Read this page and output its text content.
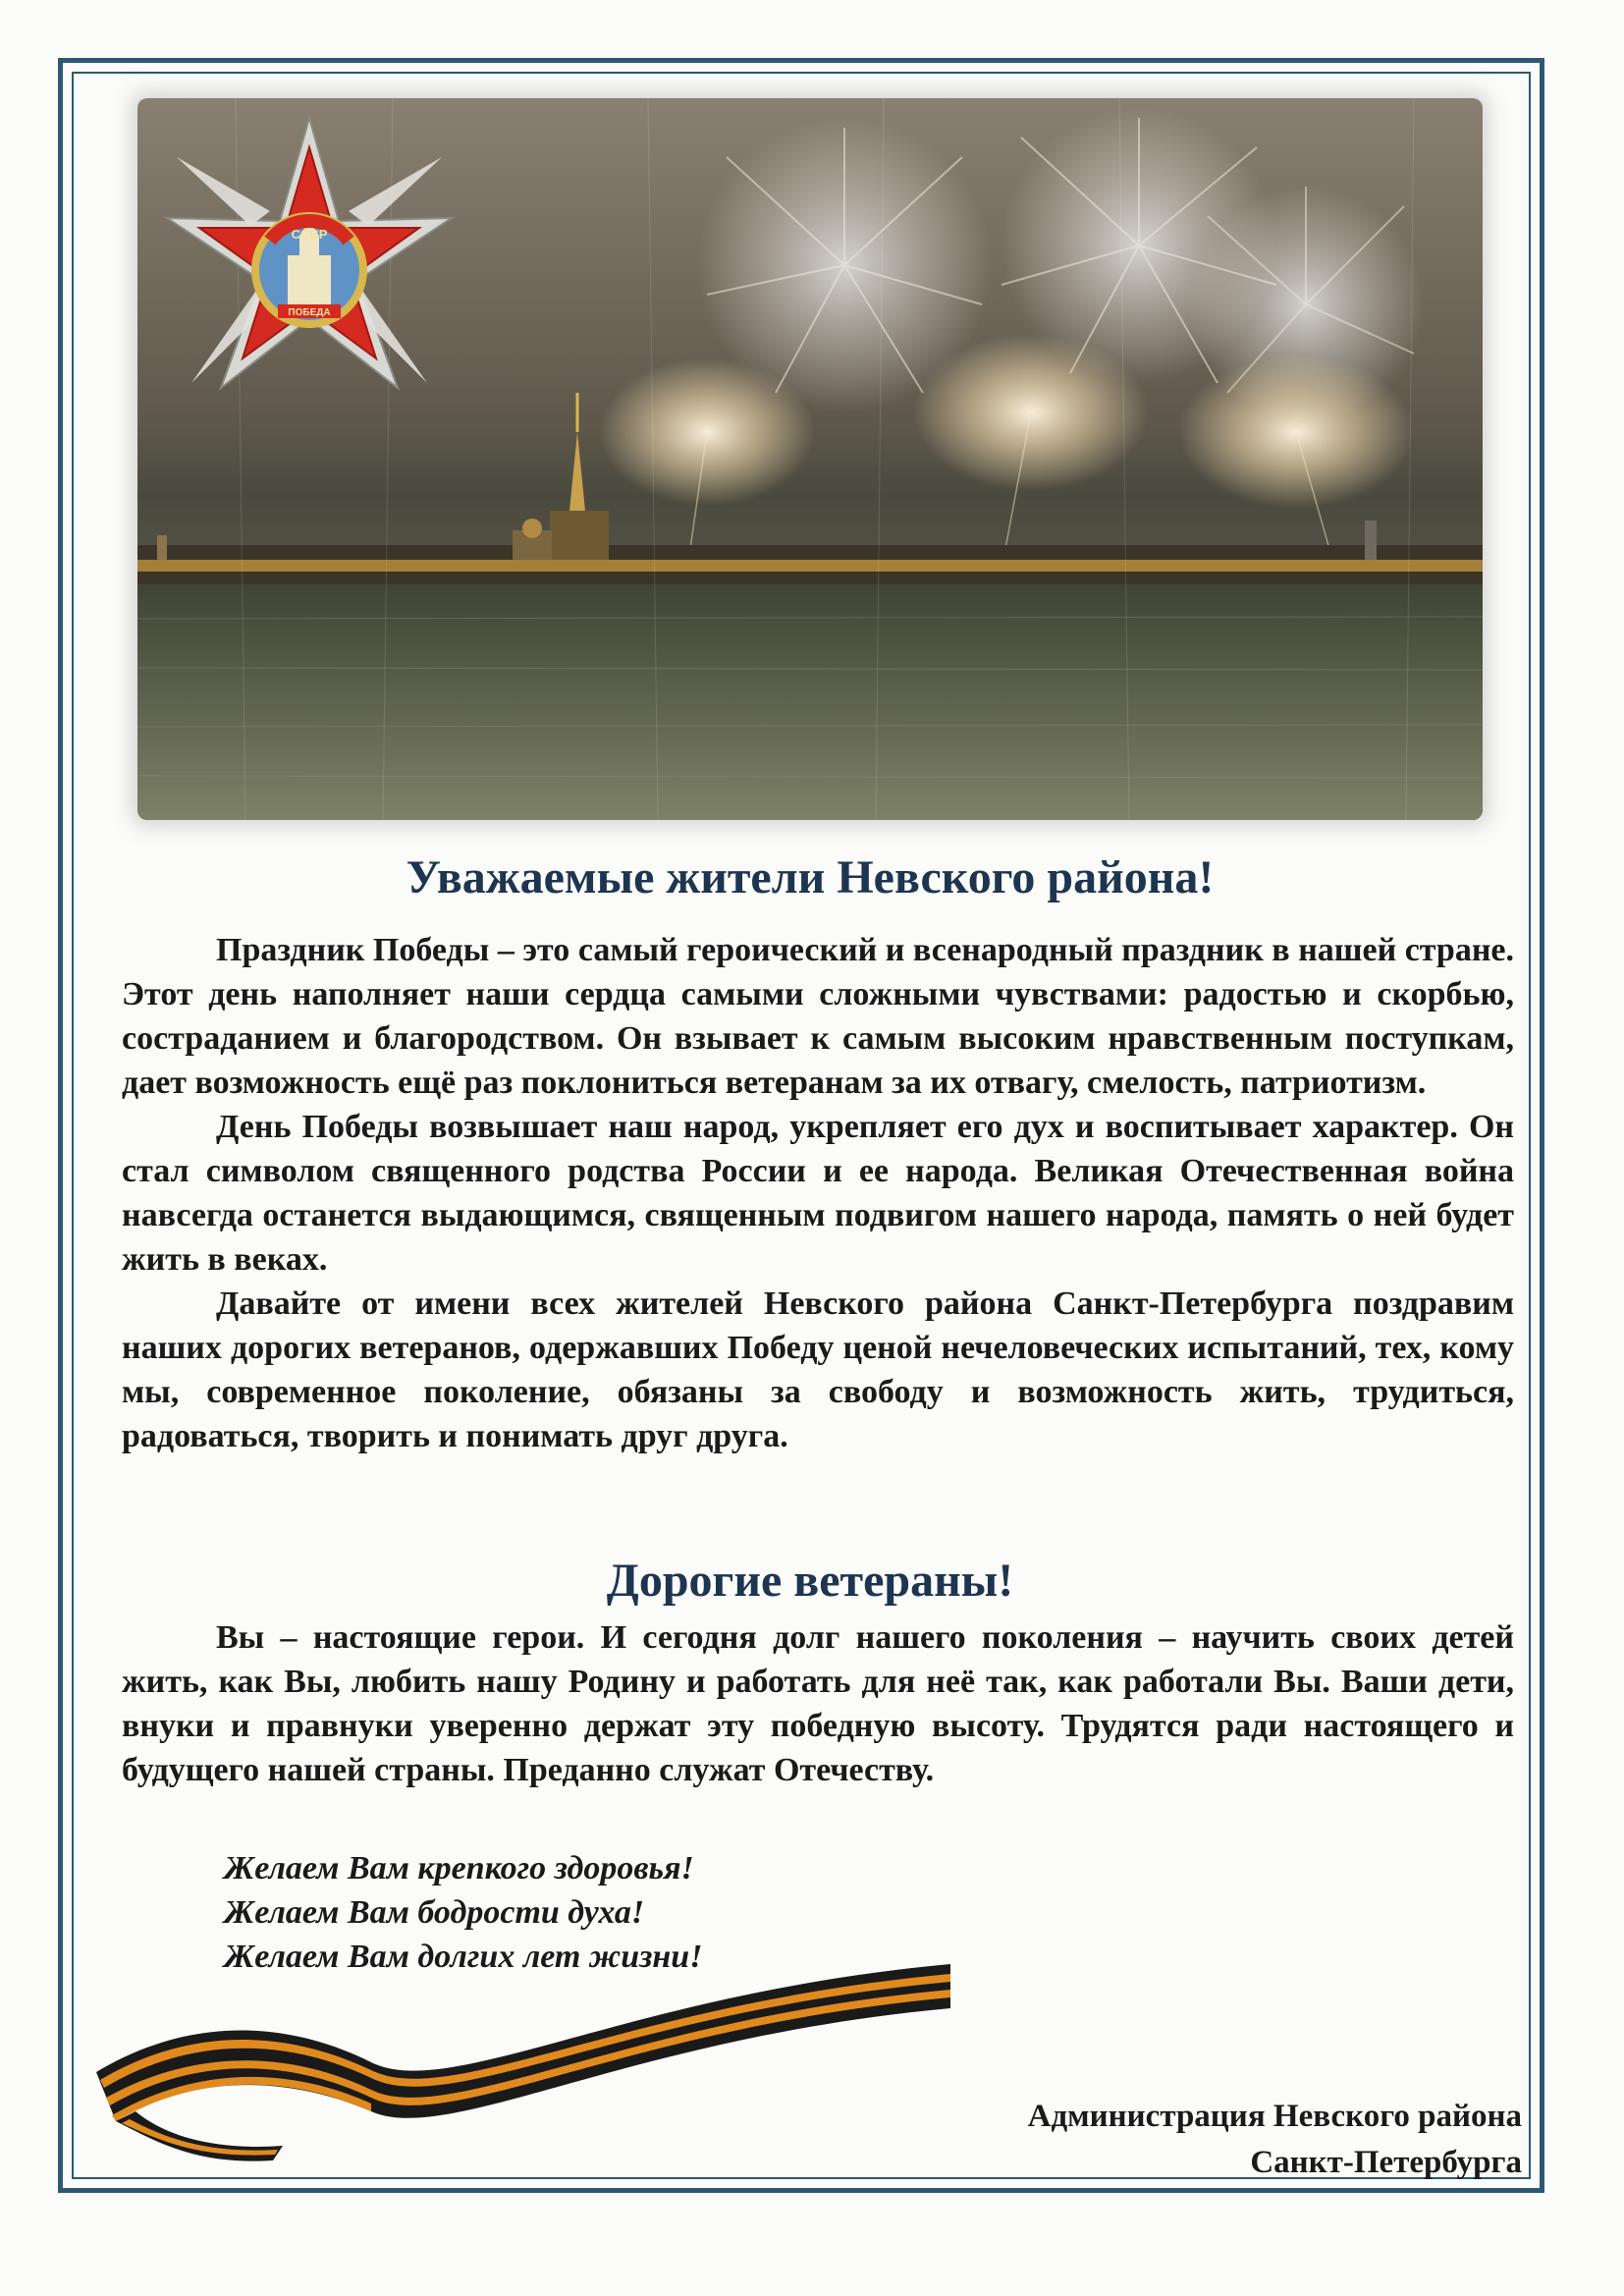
СССР
ПОБЕДА
Уважаемые жители Невского района!

Праздник Победы – это самый героический и всенародный праздник в нашей стране. Этот день наполняет наши сердца самыми сложными чувствами: радостью и скорбью, состраданием и благородством. Он взывает к самым высоким нравственным поступкам, дает возможность ещё раз поклониться ветеранам за их отвагу, смелость, патриотизм.

День Победы возвышает наш народ, укрепляет его дух и воспитывает характер. Он стал символом священного родства России и ее народа. Великая Отечественная война навсегда останется выдающимся, священным подвигом нашего народа, память о ней будет жить в веках.

Давайте от имени всех жителей Невского района Санкт-Петербурга поздравим наших дорогих ветеранов, одержавших Победу ценой нечеловеческих испытаний, тех, кому мы, современное поколение, обязаны за свободу и возможность жить, трудиться, радоваться, творить и понимать друг друга.

Дорогие ветераны!

Вы – настоящие герои. И сегодня долг нашего поколения – научить своих детей жить, как Вы, любить нашу Родину и работать для неё так, как работали Вы. Ваши дети, внуки и правнуки уверенно держат эту победную высоту. Трудятся ради настоящего и будущего нашей страны. Преданно служат Отечеству.

Желаем Вам крепкого здоровья!
Желаем Вам бодрости духа!
Желаем Вам долгих лет жизни!
Администрация Невского района
Санкт-Петербурга
